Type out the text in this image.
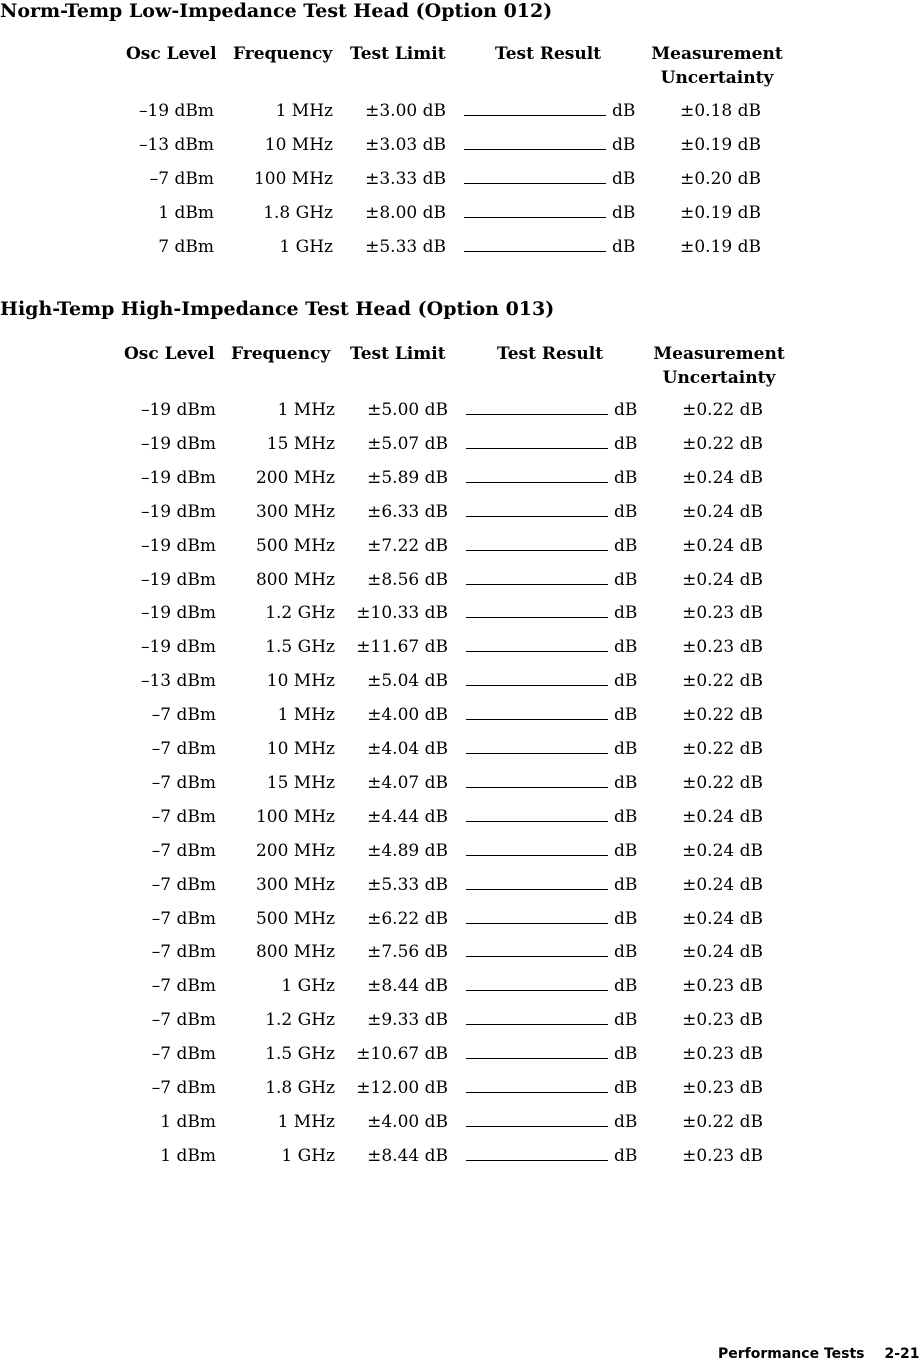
Norm-Temp Low-Impedance Test Head (Option 012)
Osc Level Frequency Test Limit	Test Result	Measurement
Uncertainty
–19 dBm	1 MHz ±3.00 dB	dB	±0.18 dB
–13 dBm	10 MHz ±3.03 dB	dB	±0.19 dB
–7 dBm 100 MHz ±3.33 dB	dB	±0.20 dB
1 dBm	1.8 GHz ±8.00 dB	dB	±0.19 dB
7 dBm	1 GHz ±5.33 dB	dB	±0.19 dB
High-Temp High-Impedance Test Head (Option 013)
Osc Level Frequency Test Limit	Test Result	Measurement
Uncertainty
–19 dBm	1 MHz ±5.00 dB	dB	±0.22 dB
–19 dBm	15 MHz ±5.07 dB	dB	±0.22 dB
–19 dBm 200 MHz ±5.89 dB	dB	±0.24 dB
–19 dBm 300 MHz ±6.33 dB	dB	±0.24 dB
–19 dBm 500 MHz ±7.22 dB	dB	±0.24 dB
–19 dBm 800 MHz ±8.56 dB	dB	±0.24 dB
–19 dBm	1.2 GHz ±10.33 dB	dB	±0.23 dB
–19 dBm	1.5 GHz ±11.67 dB	dB	±0.23 dB
–13 dBm	10 MHz ±5.04 dB	dB	±0.22 dB
–7 dBm	1 MHz ±4.00 dB	dB	±0.22 dB
–7 dBm	10 MHz ±4.04 dB	dB	±0.22 dB
–7 dBm	15 MHz ±4.07 dB	dB	±0.22 dB
–7 dBm 100 MHz ±4.44 dB	dB	±0.24 dB
–7 dBm 200 MHz ±4.89 dB	dB	±0.24 dB
–7 dBm 300 MHz ±5.33 dB	dB	±0.24 dB
–7 dBm 500 MHz ±6.22 dB	dB	±0.24 dB
–7 dBm 800 MHz ±7.56 dB	dB	±0.24 dB
–7 dBm	1 GHz ±8.44 dB	dB	±0.23 dB
–7 dBm	1.2 GHz ±9.33 dB	dB	±0.23 dB
–7 dBm	1.5 GHz ±10.67 dB	dB	±0.23 dB
–7 dBm	1.8 GHz ±12.00 dB	dB	±0.23 dB
1 dBm	1 MHz ±4.00 dB	dB	±0.22 dB
1 dBm	1 GHz ±8.44 dB	dB	±0.23 dB
Performance Tests 2-21
